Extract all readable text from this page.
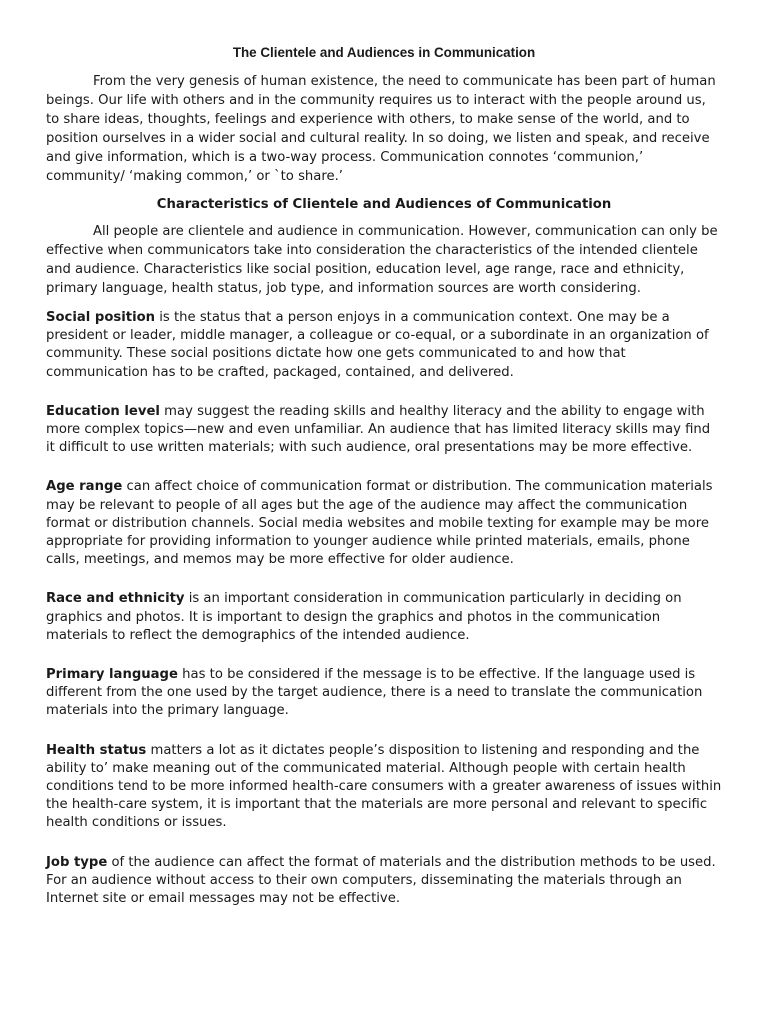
The Clientele and Audiences in Communication

From the very genesis of human existence, the need to communicate has been part of human beings. Our life with others and in the community requires us to interact with the people around us, to share ideas, thoughts, feelings and experience with others, to make sense of the world, and to position ourselves in a wider social and cultural reality. In so doing, we listen and speak, and receive and give information, which is a two-way process. Communication connotes ‘communion,’ community/ ‘making common,’ or `to share.’

Characteristics of Clientele and Audiences of Communication

All people are clientele and audience in communication. However, communication can only be effective when communicators take into consideration the characteristics of the intended clientele and audience. Characteristics like social position, education level, age range, race and ethnicity, primary language, health status, job type, and information sources are worth considering.

Social position is the status that a person enjoys in a communication context. One may be a president or leader, middle manager, a colleague or co-equal, or a subordinate in an organization of community. These social positions dictate how one gets communicated to and how that communication has to be crafted, packaged, contained, and delivered.

Education level may suggest the reading skills and healthy literacy and the ability to engage with more complex topics—new and even unfamiliar. An audience that has limited literacy skills may find it difficult to use written materials; with such audience, oral presentations may be more effective.

Age range can affect choice of communication format or distribution. The communication materials may be relevant to people of all ages but the age of the audience may affect the communication format or distribution channels. Social media websites and mobile texting for example may be more appropriate for providing information to younger audience while printed materials, emails, phone calls, meetings, and memos may be more effective for older audience.

Race and ethnicity is an important consideration in communication particularly in deciding on graphics and photos. It is important to design the graphics and photos in the communication materials to reflect the demographics of the intended audience.

Primary language has to be considered if the message is to be effective. If the language used is different from the one used by the target audience, there is a need to translate the communication materials into the primary language.

Health status matters a lot as it dictates people’s disposition to listening and responding and the ability to’ make meaning out of the communicated material. Although people with certain health conditions tend to be more informed health-care consumers with a greater awareness of issues within the health-care system, it is important that the materials are more personal and relevant to specific health conditions or issues.

Job type of the audience can affect the format of materials and the distribution methods to be used. For an audience without access to their own computers, disseminating the materials through an Internet site or email messages may not be effective.
